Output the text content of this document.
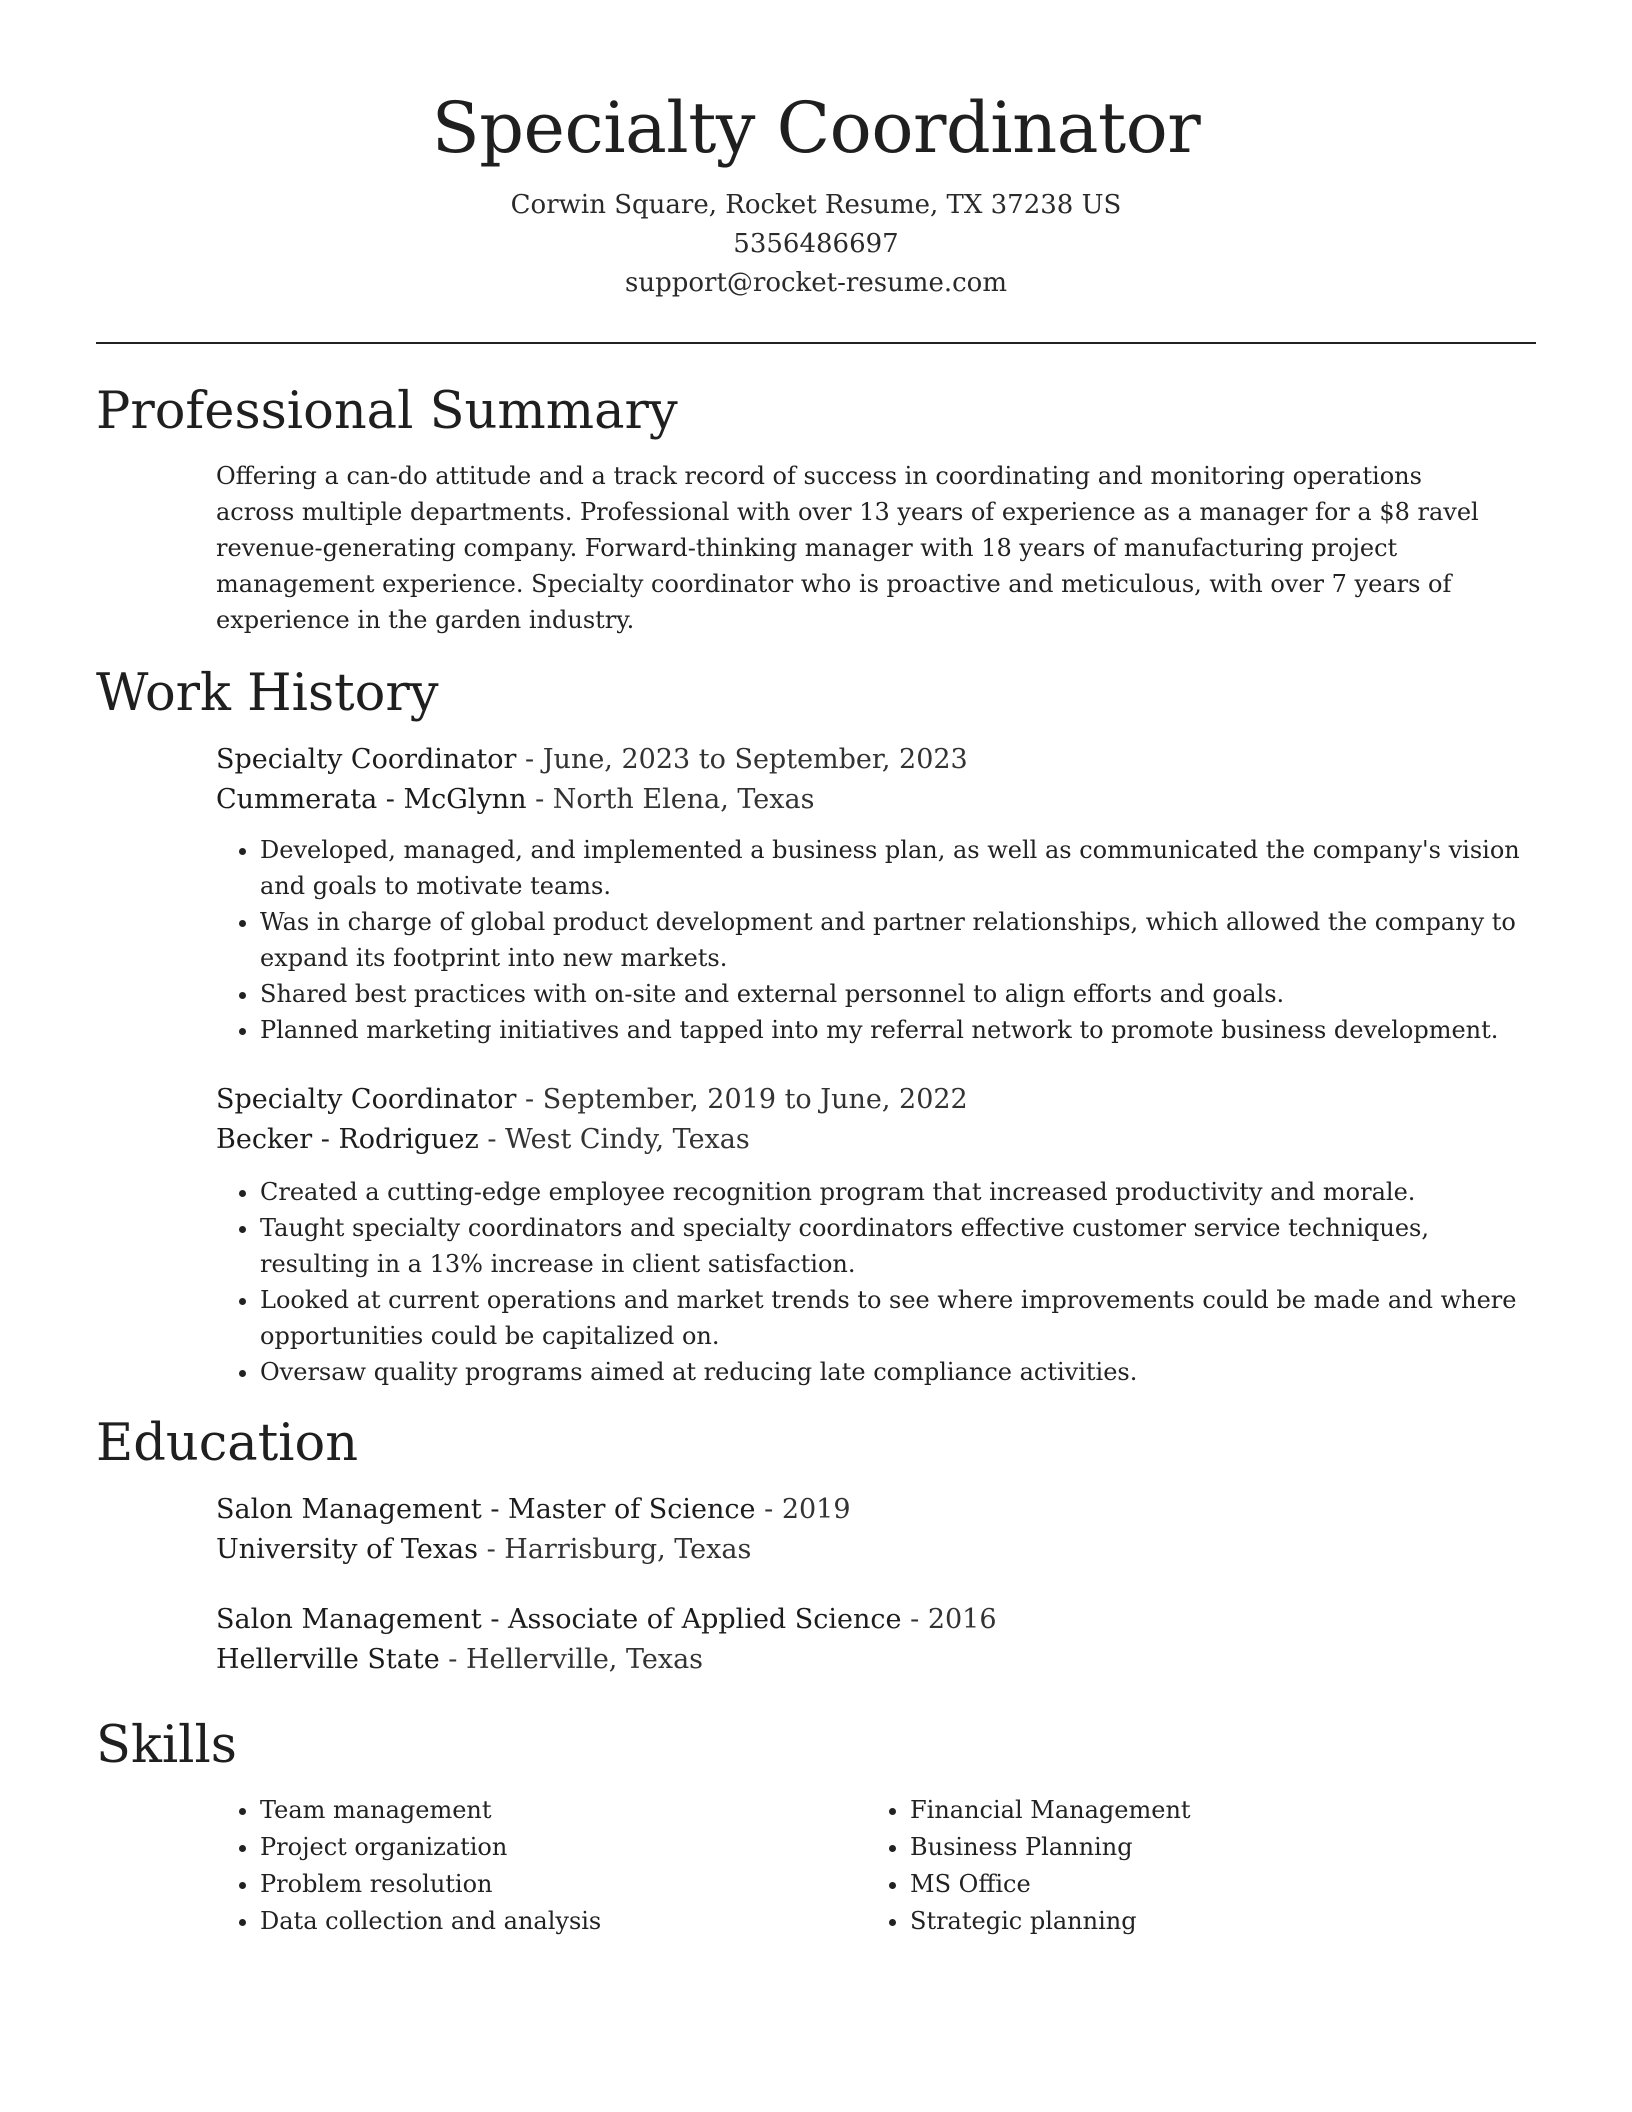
Specialty Coordinator
Corwin Square, Rocket Resume, TX 37238 US
5356486697
support@rocket-resume.com
Professional Summary
Offering a can-do attitude and a track record of success in coordinating and monitoring operations across multiple departments. Professional with over 13 years of experience as a manager for a $8 ravel revenue-generating company. Forward-thinking manager with 18 years of manufacturing project management experience. Specialty coordinator who is proactive and meticulous, with over 7 years of experience in the garden industry.
Work History
Specialty Coordinator - June, 2023 to September, 2023
Cummerata - McGlynn - North Elena, Texas
• Developed, managed, and implemented a business plan, as well as communicated the company's vision and goals to motivate teams.
• Was in charge of global product development and partner relationships, which allowed the company to expand its footprint into new markets.
• Shared best practices with on-site and external personnel to align efforts and goals.
• Planned marketing initiatives and tapped into my referral network to promote business development.
Specialty Coordinator - September, 2019 to June, 2022
Becker - Rodriguez - West Cindy, Texas
• Created a cutting-edge employee recognition program that increased productivity and morale.
• Taught specialty coordinators and specialty coordinators effective customer service techniques, resulting in a 13% increase in client satisfaction.
• Looked at current operations and market trends to see where improvements could be made and where opportunities could be capitalized on.
• Oversaw quality programs aimed at reducing late compliance activities.
Education
Salon Management - Master of Science - 2019
University of Texas - Harrisburg, Texas
Salon Management - Associate of Applied Science - 2016
Hellerville State - Hellerville, Texas
Skills
• Team management
• Project organization
• Problem resolution
• Data collection and analysis
• Financial Management
• Business Planning
• MS Office
• Strategic planning
